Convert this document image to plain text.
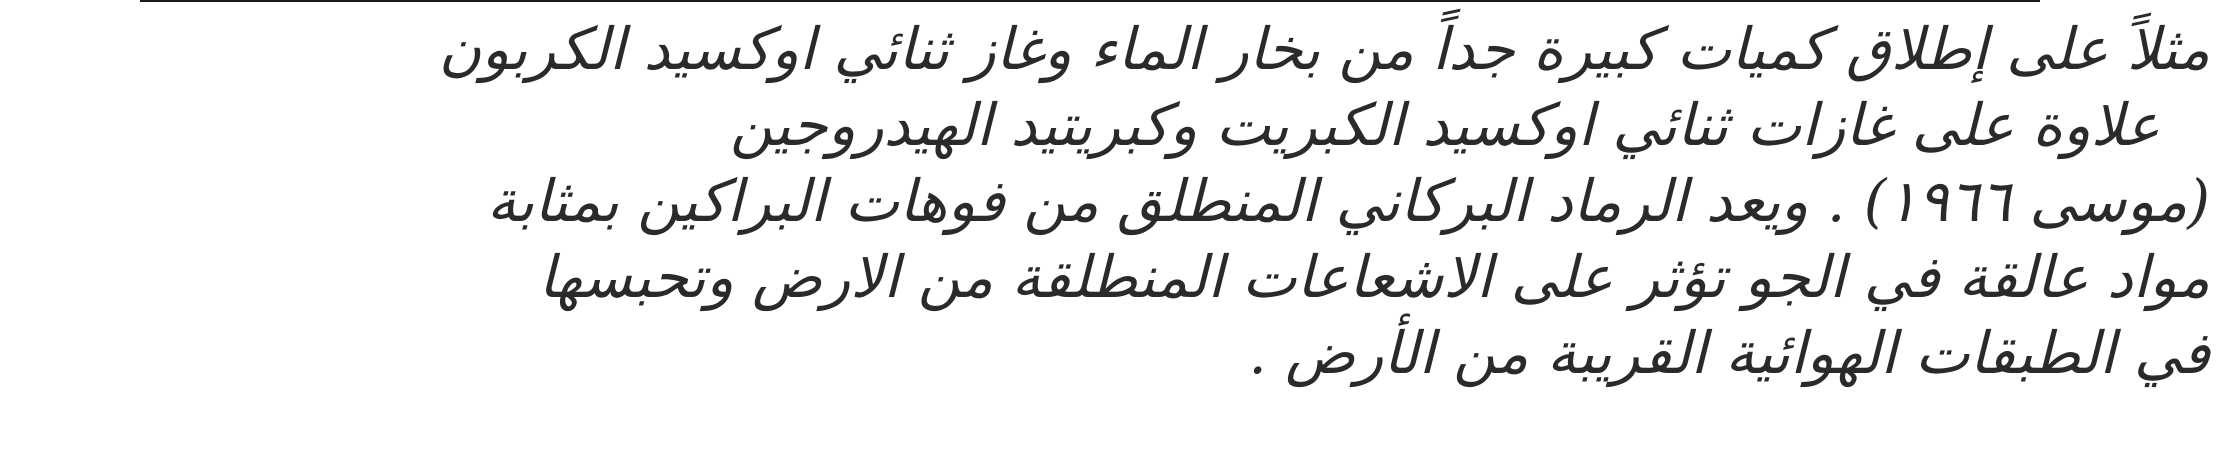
مثلاً على إطلاق كميات كبيرة جداً من بخار الماء وغاز ثنائي اوكسيد الكربون
علاوة على غازات ثنائي اوكسيد الكبريت وكبريتيد الهيدروجين
(موسى ١٩٦٦) . ويعد الرماد البركاني المنطلق من فوهات البراكين بمثابة
مواد عالقة في الجو تؤثر على الاشعاعات المنطلقة من الارض وتحبسها
في الطبقات الهوائية القريبة من الأرض .
